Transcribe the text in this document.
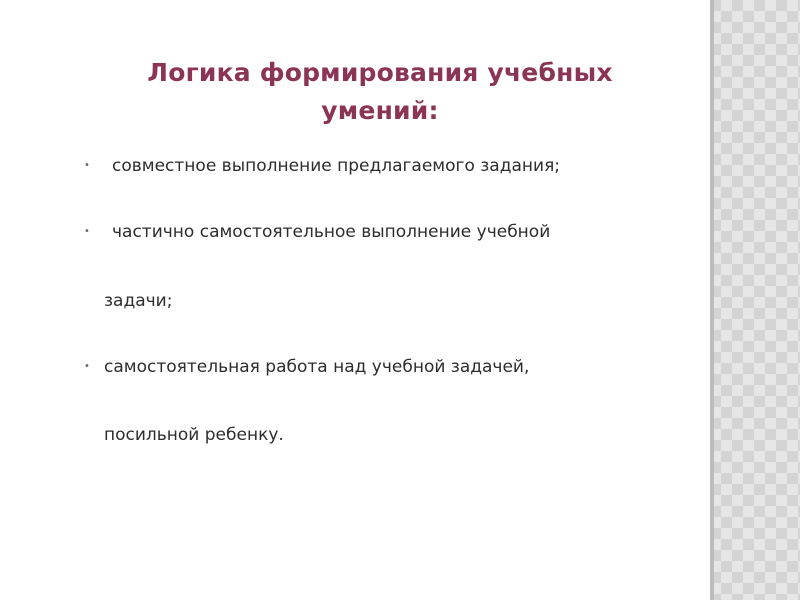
Логика формирования учебных умений:
• совместное выполнение предлагаемого задания;
• частично самостоятельное выполнение учебной
задачи;
• самостоятельная работа над учебной задачей,
посильной ребенку.
